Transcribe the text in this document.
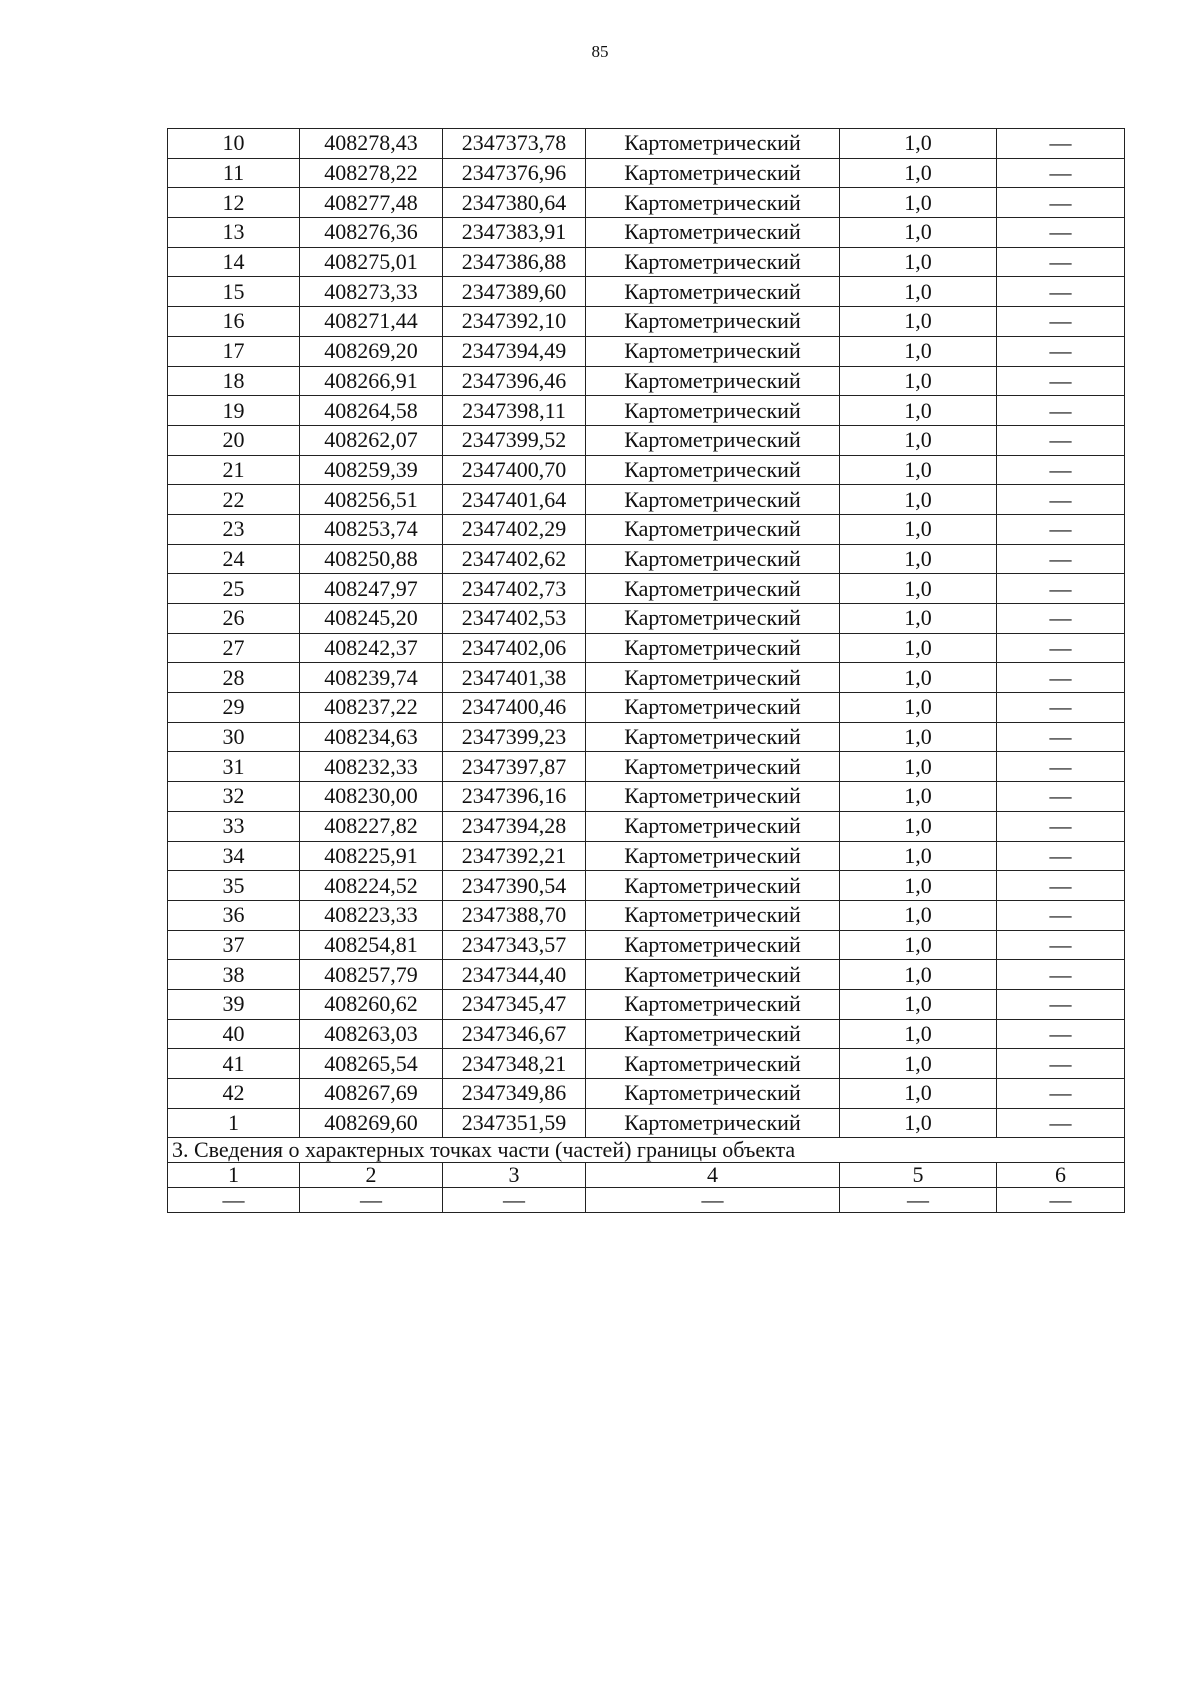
85
10	408278,43	2347373,78	Картометрический	1,0	—
11	408278,22	2347376,96	Картометрический	1,0	—
12	408277,48	2347380,64	Картометрический	1,0	—
13	408276,36	2347383,91	Картометрический	1,0	—
14	408275,01	2347386,88	Картометрический	1,0	—
15	408273,33	2347389,60	Картометрический	1,0	—
16	408271,44	2347392,10	Картометрический	1,0	—
17	408269,20	2347394,49	Картометрический	1,0	—
18	408266,91	2347396,46	Картометрический	1,0	—
19	408264,58	2347398,11	Картометрический	1,0	—
20	408262,07	2347399,52	Картометрический	1,0	—
21	408259,39	2347400,70	Картометрический	1,0	—
22	408256,51	2347401,64	Картометрический	1,0	—
23	408253,74	2347402,29	Картометрический	1,0	—
24	408250,88	2347402,62	Картометрический	1,0	—
25	408247,97	2347402,73	Картометрический	1,0	—
26	408245,20	2347402,53	Картометрический	1,0	—
27	408242,37	2347402,06	Картометрический	1,0	—
28	408239,74	2347401,38	Картометрический	1,0	—
29	408237,22	2347400,46	Картометрический	1,0	—
30	408234,63	2347399,23	Картометрический	1,0	—
31	408232,33	2347397,87	Картометрический	1,0	—
32	408230,00	2347396,16	Картометрический	1,0	—
33	408227,82	2347394,28	Картометрический	1,0	—
34	408225,91	2347392,21	Картометрический	1,0	—
35	408224,52	2347390,54	Картометрический	1,0	—
36	408223,33	2347388,70	Картометрический	1,0	—
37	408254,81	2347343,57	Картометрический	1,0	—
38	408257,79	2347344,40	Картометрический	1,0	—
39	408260,62	2347345,47	Картометрический	1,0	—
40	408263,03	2347346,67	Картометрический	1,0	—
41	408265,54	2347348,21	Картометрический	1,0	—
42	408267,69	2347349,86	Картометрический	1,0	—
1	408269,60	2347351,59	Картометрический	1,0	—
3. Сведения о характерных точках части (частей) границы объекта					
1	2	3	4	5	6
—	—	—	—	—	—
